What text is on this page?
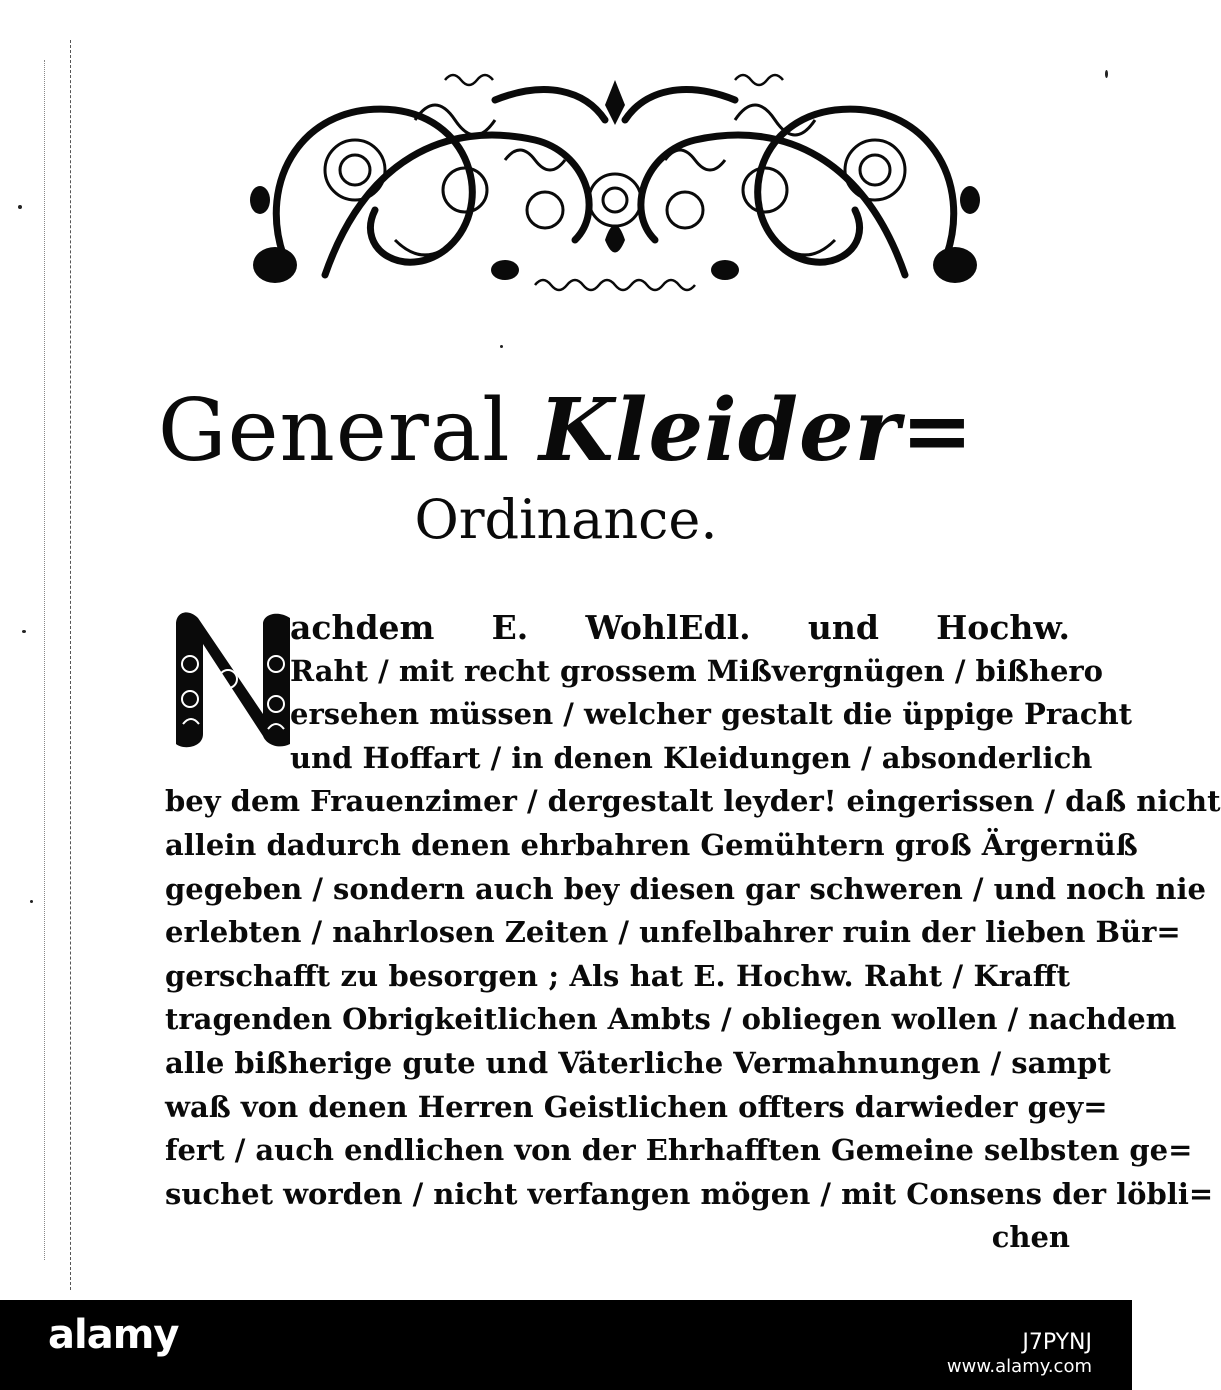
General Kleider=
Ordinance.
achdem E. WohlEdl. und Hochw.
Raht / mit recht grossem Mißvergnügen / bißhero
ersehen müssen / welcher gestalt die üppige Pracht
und Hoffart / in denen Kleidungen / absonderlich
bey dem Frauenzimer / dergestalt leyder! eingerissen / daß nicht
allein dadurch denen ehrbahren Gemühtern groß Ärgernüß
gegeben / sondern auch bey diesen gar schweren / und noch nie
erlebten / nahrlosen Zeiten / unfelbahrer ruin der lieben Bür=
gerschafft zu besorgen ; Als hat E. Hochw. Raht / Krafft
tragenden Obrigkeitlichen Ambts / obliegen wollen / nachdem
alle bißherige gute und Väterliche Vermahnungen / sampt
waß von denen Herren Geistlichen offters darwieder gey=
fert / auch endlichen von der Ehrhafften Gemeine selbsten ge=
suchet worden / nicht verfangen mögen / mit Consens der löbli=
chen
alamy	J7PYNJ
www.alamy.com
